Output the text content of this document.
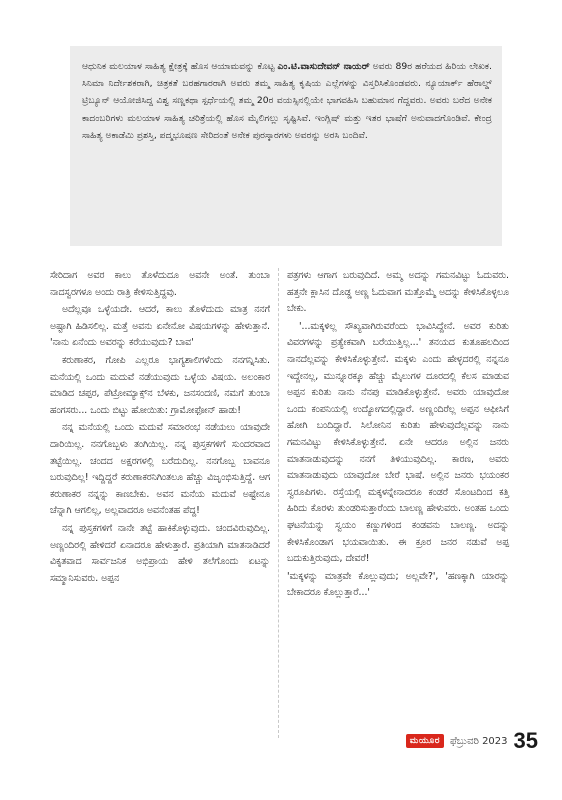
ಆಧುನಿಕ ಮಲಯಾಳ ಸಾಹಿತ್ಯ ಕ್ಷೇತ್ರಕ್ಕೆ ಹೊಸ ಆಯಾಮವನ್ನು ಕೊಟ್ಟ ಎಂ.ಟಿ.ವಾಸುದೇವನ್ ನಾಯರ್ ಅವರು 89ರ ಹರೆಯದ ಹಿರಿಯ ಲೇಖಕ. ಸಿನಿಮಾ ನಿರ್ದೇಶಕರಾಗಿ, ಚಿತ್ರಕತೆ ಬರಹಗಾರರಾಗಿ ಅವರು ತಮ್ಮ ಸಾಹಿತ್ಯ ಕೃಷಿಯ ಎಲ್ಲೆಗಳನ್ನು ವಿಸ್ತರಿಸಿಕೊಂಡವರು. ನ್ಯೂಯಾರ್ಕ್ ಹೆರಾಲ್ಡ್ ಟ್ರಿಬ್ಯೂನ್ ಆಯೋಜಿಸಿದ್ದ ವಿಶ್ವ ಸಣ್ಣಕಥಾ ಸ್ಪರ್ಧೆಯಲ್ಲಿ ತಮ್ಮ 20ರ ವಯಸ್ಸಿನಲ್ಲಿಯೇ ಭಾಗವಹಿಸಿ ಬಹುಮಾನ ಗೆದ್ದವರು. ಅವರು ಬರೆದ ಅನೇಕ ಕಾದಂಬರಿಗಳು ಮಲಯಾಳ ಸಾಹಿತ್ಯ ಚರಿತ್ರೆಯಲ್ಲಿ ಹೊಸ ಮೈಲಿಗಲ್ಲು ಸೃಷ್ಟಿಸಿವೆ. ಇಂಗ್ಲಿಷ್ ಮತ್ತು ಇತರ ಭಾಷೆಗೆ ಅನುವಾದಗೊಂಡಿವೆ. ಕೇಂದ್ರ ಸಾಹಿತ್ಯ ಅಕಾಡೆಮಿ ಪ್ರಶಸ್ತಿ, ಪದ್ಮಭೂಷಣ ಸೇರಿದಂತೆ ಅನೇಕ ಪುರಸ್ಕಾರಗಳು ಅವರನ್ನು ಅರಸಿ ಬಂದಿವೆ.

ಸೇರಿದಾಗ ಅವರ ಕಾಲು ತೊಳೆದುದೂ ಅವನೇ ಅಂತೆ. ತುಂಬಾ ನಾದಸ್ವರಗಳೂ ಅಂದು ರಾತ್ರಿ ಕೇಳಿಸುತ್ತಿದ್ದವು.

ಅದೆಲ್ಲವೂ ಒಳ್ಳೆಯದೇ. ಆದರೆ, ಕಾಲು ತೊಳೆದುದು ಮಾತ್ರ ನನಗೆ ಅಷ್ಟಾಗಿ ಹಿಡಿಸಲಿಲ್ಲ. ಮತ್ತೆ ಅವನು ಏನೇನೋ ವಿಷಯಗಳನ್ನು ಹೇಳುತ್ತಾನೆ. 'ನಾನು ಏನೆಂದು ಅವರನ್ನು ಕರೆಯುವುದು? ಬಾವ'

ಕರುಣಾಕರ, ಗೋಪಿ ಎಲ್ಲರೂ ಭಾಗ್ಯಶಾಲಿಗಳೆಂದು ನನಗನ್ನಿಸಿತು. ಮನೆಯಲ್ಲಿ ಒಂದು ಮದುವೆ ನಡೆಯುವುದು ಒಳ್ಳೆಯ ವಿಷಯ. ಅಲಂಕಾರ ಮಾಡಿದ ಚಪ್ಪರ, ಪೆಟ್ರೋಮ್ಯಾಕ್ಸ್‌ನ ಬೆಳಕು, ಜನಸಂದಣಿ, ನಮಗೆ ತುಂಬಾ ಹಂಗಸರು... ಒಂದು ಬಿಟ್ಟು ಹೋಯಿತು: ಗ್ರಾಮೋಫೋನ್ ಹಾಡು!

ನನ್ನ ಮನೆಯಲ್ಲಿ ಒಂದು ಮದುವೆ ಸಮಾರಂಭ ನಡೆಯಲು ಯಾವುದೇ ದಾರಿಯಿಲ್ಲ. ನನಗೊಬ್ಬಳು ತಂಗಿಯಿಲ್ಲ. ನನ್ನ ಪುಸ್ತಕಗಳಿಗೆ ಸುಂದರವಾದ ತಟ್ಟೆಯಿಲ್ಲ. ಚಂದದ ಅಕ್ಷರಗಳಲ್ಲಿ ಬರೆದುದಿಲ್ಲ. ನನಗೊಬ್ಬ ಬಾವನೂ ಬರುವುದಿಲ್ಲ! ಇದ್ದಿದ್ದರೆ ಕರುಣಾಕರನಿಗಿಂತಲೂ ಹೆಚ್ಚು ವಿಜೃಂಭಿಸುತ್ತಿದ್ದೆ. ಆಗ ಕರುಣಾಕರ ನನ್ನನ್ನು ಕಾಣಬೇಕು. ಅವನ ಮನೆಯ ಮದುವೆ ಅಷ್ಟೇನೂ ಚೆನ್ನಾಗಿ ಆಗಲಿಲ್ಲ, ಅಲ್ಲವಾದರೂ ಅವನೆಂತಹ ಪೆದ್ದ!

ನನ್ನ ಪುಸ್ತಕಗಳಿಗೆ ನಾನೇ ತಟ್ಟೆ ಹಾಕಿಕೊಳ್ಳುವುದು. ಚಂದವಿರುವುದಿಲ್ಲ. ಅಣ್ಣಂದಿರಲ್ಲಿ ಹೇಳಿದರೆ ಏನಾದರೂ ಹೇಳುತ್ತಾರೆ. ಪ್ರತಿಯಾಗಿ ಮಾತನಾಡಿದರೆ ವಿಕೃತವಾದ ಸಾರ್ವಜನಿಕ ಅಭಿಪ್ರಾಯ ಹೇಳಿ ತಲೆಗೊಂದು ಏಟನ್ನು ಸಮ್ಮಾನಿಸುವರು. ಅಪ್ಪನ

ಪತ್ರಗಳು ಆಗಾಗ ಬರುವುದಿದೆ. ಅಮ್ಮ ಅದನ್ನು ಗಮನವಿಟ್ಟು ಓದುವರು. ಹತ್ತನೇ ಕ್ಲಾಸಿನ ದೊಡ್ಡ ಅಣ್ಣ ಓದುವಾಗ ಮತ್ತೊಮ್ಮೆ ಅದನ್ನು ಕೇಳಿಸಿಕೊಳ್ಳಲೂ ಬೇಕು.

'...ಮಕ್ಕಳಿಲ್ಲ ಸೌಖ್ಯವಾಗಿರುವರೆಂದು ಭಾವಿಸಿದ್ದೇನೆ. ಅವರ ಕುರಿತು ವಿವರಗಳನ್ನು ಪ್ರತ್ಯೇಕವಾಗಿ ಬರೆಯುತ್ತಿಲ್ಲ...' ತನಯದ ಕುತೂಹಲದಿಂದ ನಾನದೆಲ್ಲವನ್ನು ಕೇಳಿಸಿಕೊಳ್ಳುತ್ತೇನೆ. ಮಕ್ಕಳು ಎಂದು ಹೇಳ್ಳದರಲ್ಲಿ ನನ್ನನೂ ಇದ್ದೇನಲ್ಲ, ಮುನ್ನೂರಕ್ಕೂ ಹೆಚ್ಚು ಮೈಲುಗಳ ದೂರದಲ್ಲಿ ಕೆಲಸ ಮಾಡುವ ಅಪ್ಪನ ಕುರಿತು ನಾನು ನೆನಪು ಮಾಡಿಕೊಳ್ಳುತ್ತೇನೆ. ಅವರು ಯಾವುದೋ ಒಂದು ಕಂಪನಿಯಲ್ಲಿ ಉದ್ಯೋಗದಲ್ಲಿದ್ದಾರೆ. ಅಣ್ಣಂದಿರೆಲ್ಲ ಅಪ್ಪನ ಆಫೀಸಿಗೆ ಹೋಗಿ ಬಂದಿದ್ದಾರೆ. ಸಿಲೋನಿನ ಕುರಿತು ಹೇಳುವುದೆಲ್ಲವನ್ನು ನಾನು ಗಮನವಿಟ್ಟು ಕೇಳಿಸಿಕೊಳ್ಳುತ್ತೇನೆ. ಏನೇ ಆದರೂ ಅಲ್ಲಿನ ಜನರು ಮಾತನಾಡುವುದನ್ನು ನನಗೆ ತಿಳಿಯುವುದಿಲ್ಲ. ಕಾರಣ, ಅವರು ಮಾತನಾಡುವುದು ಯಾವುದೋ ಬೇರೆ ಭಾಷೆ. ಅಲ್ಲಿನ ಜನರು ಭಯಂಕರ ಸ್ವರೂಪಿಗಳು. ರಸ್ತೆಯಲ್ಲಿ ಮಕ್ಕಳನ್ನೇನಾದರೂ ಕಂಡರೆ ಸೊಂಟದಿಂದ ಕತ್ತಿ ಹಿರಿದು ಕೊರಳು ತುಂಡರಿಸುತ್ತಾರೆಂದು ಬಾಲಣ್ಣ ಹೇಳುವರು. ಅಂತಹ ಒಂದು ಘಟನೆಯನ್ನು ಸ್ವಯಂ ಕಣ್ಣುಗಳಿಂದ ಕಂಡವನು ಬಾಲಣ್ಣ. ಅದನ್ನು ಕೇಳಿಸಿಕೊಂಡಾಗ ಭಯವಾಯಿತು. ಈ ಕ್ರೂರ ಜನರ ನಡುವೆ ಅಪ್ಪ ಬದುಕುತ್ತಿರುವುದು, ದೇವರೆ!

'ಮಕ್ಕಳನ್ನು ಮಾತ್ರವೇ ಕೊಲ್ಲುವುದು; ಅಲ್ಲವೇ?', 'ಹಣಕ್ಕಾಗಿ ಯಾರನ್ನು ಬೇಕಾದರೂ ಕೊಲ್ಲುತ್ತಾರೆ...'

ಮಯೂರ	ಫೆಬ್ರುವರಿ 2023 35
